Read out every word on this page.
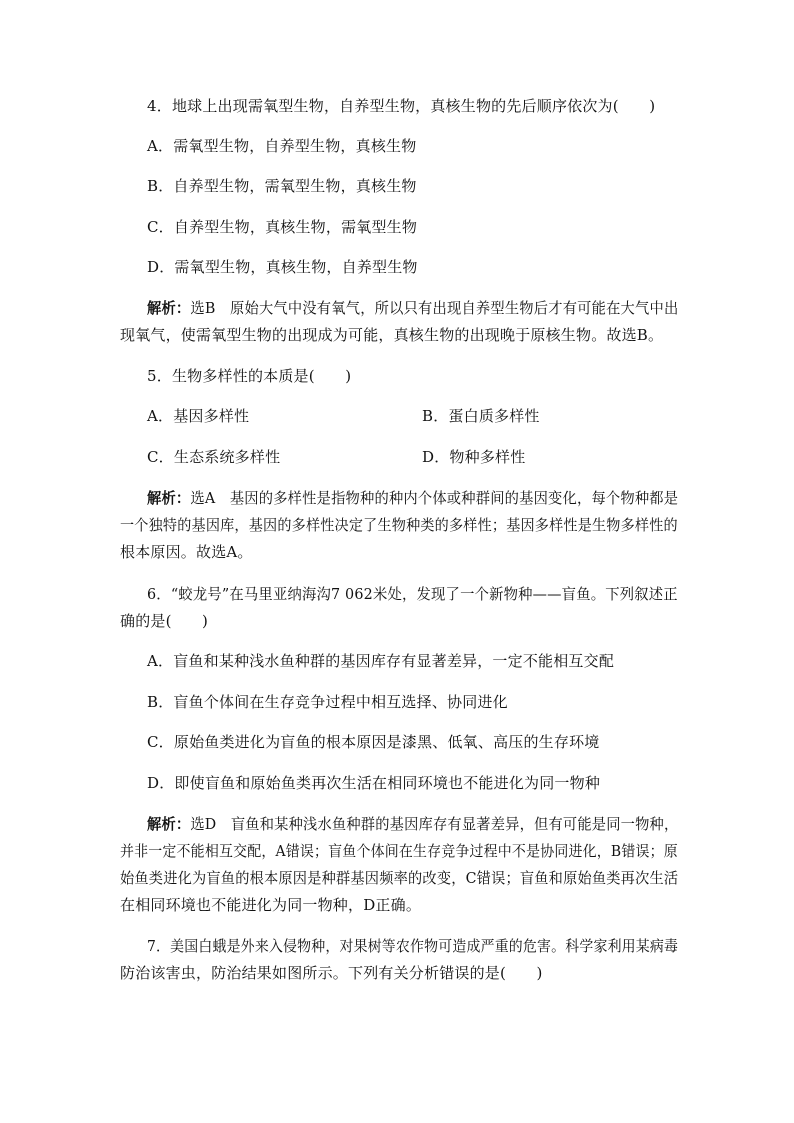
4．地球上出现需氧型生物，自养型生物，真核生物的先后顺序依次为(　　)
A．需氧型生物，自养型生物，真核生物
B．自养型生物，需氧型生物，真核生物
C．自养型生物，真核生物，需氧型生物
D．需氧型生物，真核生物，自养型生物
解析：选B　原始大气中没有氧气，所以只有出现自养型生物后才有可能在大气中出
现氧气，使需氧型生物的出现成为可能，真核生物的出现晚于原核生物。故选B。
5．生物多样性的本质是(　　)
A．基因多样性	B．蛋白质多样性
C．生态系统多样性	D．物种多样性
解析：选A　基因的多样性是指物种的种内个体或种群间的基因变化，每个物种都是
一个独特的基因库，基因的多样性决定了生物种类的多样性；基因多样性是生物多样性的
根本原因。故选A。
6．“蛟龙号”在马里亚纳海沟7 062米处，发现了一个新物种——盲鱼。下列叙述正
确的是(　　)
A．盲鱼和某种浅水鱼种群的基因库存有显著差异，一定不能相互交配
B．盲鱼个体间在生存竞争过程中相互选择、协同进化
C．原始鱼类进化为盲鱼的根本原因是漆黑、低氧、高压的生存环境
D．即使盲鱼和原始鱼类再次生活在相同环境也不能进化为同一物种
解析：选D　盲鱼和某种浅水鱼种群的基因库存有显著差异，但有可能是同一物种，
并非一定不能相互交配，A错误；盲鱼个体间在生存竞争过程中不是协同进化，B错误；原
始鱼类进化为盲鱼的根本原因是种群基因频率的改变，C错误；盲鱼和原始鱼类再次生活
在相同环境也不能进化为同一物种，D正确。
7．美国白蛾是外来入侵物种，对果树等农作物可造成严重的危害。科学家利用某病毒
防治该害虫，防治结果如图所示。下列有关分析错误的是(　　)
